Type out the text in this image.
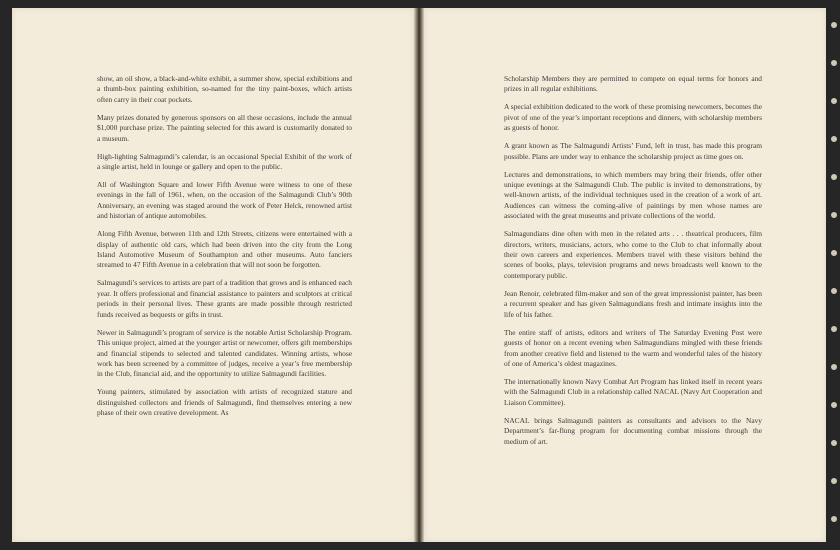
show, an oil show, a black-and-white exhibit, a summer show, special exhibitions and a thumb-box painting exhibition, so-named for the tiny paint-boxes, which artists often carry in their coat pockets.

Many prizes donated by generous sponsors on all these occasions, include the annual $1,000 purchase prize. The painting selected for this award is customarily donated to a museum.

High-lighting Salmagundi’s calendar, is an occasional Special Exhibit of the work of a single artist, held in lounge or gallery and open to the public.

All of Washington Square and lower Fifth Avenue were witness to one of these evenings in the fall of 1961, when, on the occasion of the Salmagundi Club’s 90th Anniversary, an evening was staged around the work of Peter Helck, renowned artist and historian of antique automobiles.

Along Fifth Avenue, between 11th and 12th Streets, citizens were entertained with a display of authentic old cars, which had been driven into the city from the Long Island Automotive Museum of Southampton and other museums. Auto fanciers streamed to 47 Fifth Avenue in a celebration that will not soon be forgotten.

Salmagundi’s services to artists are part of a tradition that grows and is enhanced each year. It offers professional and financial assistance to painters and sculptors at critical periods in their personal lives. These grants are made possible through restricted funds received as bequests or gifts in trust.

Newer in Salmagundi’s program of service is the notable Artist Scholarship Program. This unique project, aimed at the younger artist or newcomer, offers gift memberships and financial stipends to selected and talented candidates. Winning artists, whose work has been screened by a committee of judges, receive a year’s free membership in the Club, financial aid, and the opportunity to utilize Salmagundi facilities.

Young painters, stimulated by association with artists of recognized stature and distinguished collectors and friends of Salmagundi, find themselves entering a new phase of their own creative development. As

Scholarship Members they are permitted to compete on equal terms for honors and prizes in all regular exhibitions.

A special exhibition dedicated to the work of these promising newcomers, becomes the pivot of one of the year’s important receptions and dinners, with scholarship members as guests of honor.

A grant known as The Salmagundi Artists’ Fund, left in trust, has made this program possible. Plans are under way to enhance the scholarship project as time goes on.

Lectures and demonstrations, to which members may bring their friends, offer other unique evenings at the Salmagundi Club. The public is invited to demonstrations, by well-known artists, of the individual techniques used in the creation of a work of art. Audiences can witness the coming-alive of paintings by men whose names are associated with the great museums and private collections of the world.

Salmagundians dine often with men in the related arts . . . theatrical producers, film directors, writers, musicians, actors, who come to the Club to chat informally about their own careers and experiences. Members travel with these visitors behind the scenes of books, plays, television programs and news broadcasts well known to the contemporary public.

Jean Renoir, celebrated film-maker and son of the great impressionist painter, has been a recurrent speaker and has given Salmagundians fresh and intimate insights into the life of his father.

The entire staff of artists, editors and writers of The Saturday Evening Post were guests of honor on a recent evening when Salmagundians mingled with these friends from another creative field and listened to the warm and wonderful tales of the history of one of America’s oldest magazines.

The internationally known Navy Combat Art Program has linked itself in recent years with the Salmagundi Club in a relationship called NACAL (Navy Art Cooperation and Liaison Committee).

NACAL brings Salmagundi painters as consultants and advisors to the Navy Department’s far-flung program for documenting combat missions through the medium of art.
